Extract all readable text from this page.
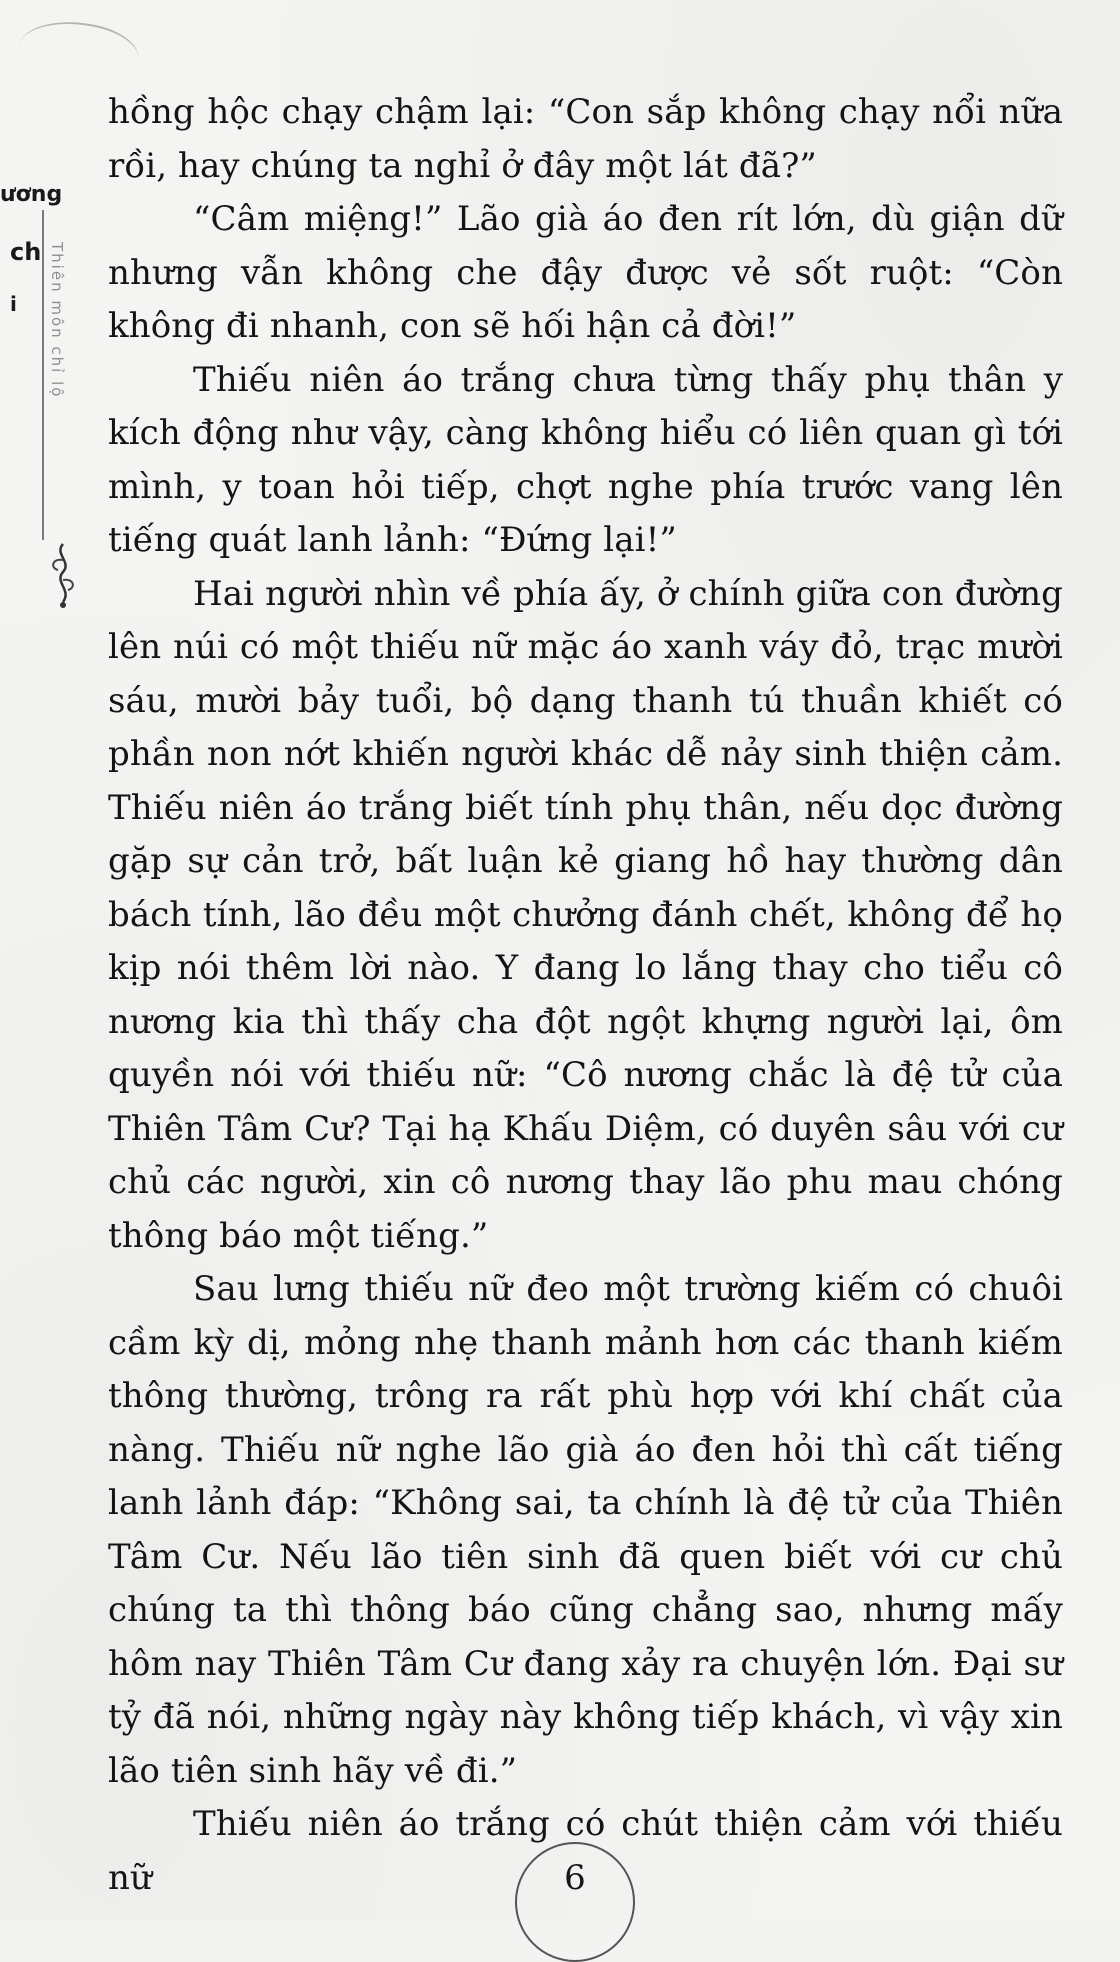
ương
ch
i Thiên môn chỉ lộ

hồng hộc chạy chậm lại: “Con sắp không chạy nổi nữa rồi, hay chúng ta nghỉ ở đây một lát đã?”

“Câm miệng!” Lão già áo đen rít lớn, dù giận dữ nhưng vẫn không che đậy được vẻ sốt ruột: “Còn không đi nhanh, con sẽ hối hận cả đời!”

Thiếu niên áo trắng chưa từng thấy phụ thân y kích động như vậy, càng không hiểu có liên quan gì tới mình, y toan hỏi tiếp, chợt nghe phía trước vang lên tiếng quát lanh lảnh: “Đứng lại!”

Hai người nhìn về phía ấy, ở chính giữa con đường lên núi có một thiếu nữ mặc áo xanh váy đỏ, trạc mười sáu, mười bảy tuổi, bộ dạng thanh tú thuần khiết có phần non nớt khiến người khác dễ nảy sinh thiện cảm. Thiếu niên áo trắng biết tính phụ thân, nếu dọc đường gặp sự cản trở, bất luận kẻ giang hồ hay thường dân bách tính, lão đều một chưởng đánh chết, không để họ kịp nói thêm lời nào. Y đang lo lắng thay cho tiểu cô nương kia thì thấy cha đột ngột khựng người lại, ôm quyền nói với thiếu nữ: “Cô nương chắc là đệ tử của Thiên Tâm Cư? Tại hạ Khấu Diệm, có duyên sâu với cư chủ các người, xin cô nương thay lão phu mau chóng thông báo một tiếng.”

Sau lưng thiếu nữ đeo một trường kiếm có chuôi cầm kỳ dị, mỏng nhẹ thanh mảnh hơn các thanh kiếm thông thường, trông ra rất phù hợp với khí chất của nàng. Thiếu nữ nghe lão già áo đen hỏi thì cất tiếng lanh lảnh đáp: “Không sai, ta chính là đệ tử của Thiên Tâm Cư. Nếu lão tiên sinh đã quen biết với cư chủ chúng ta thì thông báo cũng chẳng sao, nhưng mấy hôm nay Thiên Tâm Cư đang xảy ra chuyện lớn. Đại sư tỷ đã nói, những ngày này không tiếp khách, vì vậy xin lão tiên sinh hãy về đi.”

Thiếu niên áo trắng có chút thiện cảm với thiếu nữ	6
